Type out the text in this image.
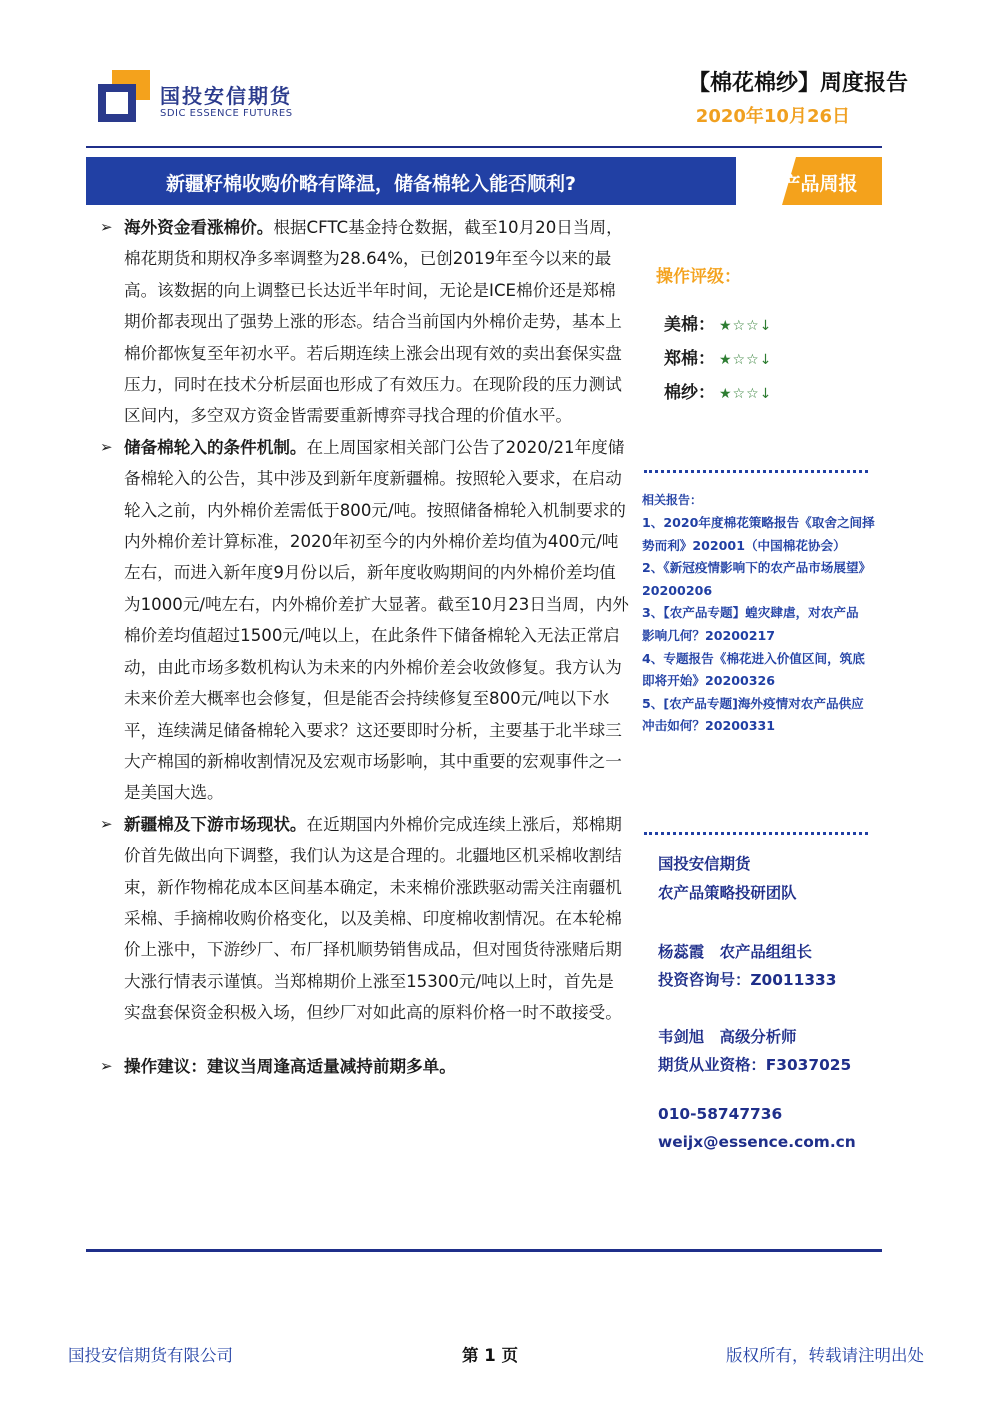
国投安信期货
SDIC ESSENCE FUTURES
【棉花棉纱】周度报告
2020年10月26日
新疆籽棉收购价略有降温，储备棉轮入能否顺利?	农产品周报

➢ 海外资金看涨棉价。根据CFTC基金持仓数据，截至10月20日当周，棉花期货和期权净多率调整为28.64%，已创2019年至今以来的最高。该数据的向上调整已长达近半年时间，无论是ICE棉价还是郑棉期价都表现出了强势上涨的形态。结合当前国内外棉价走势，基本上棉价都恢复至年初水平。若后期连续上涨会出现有效的卖出套保实盘压力，同时在技术分析层面也形成了有效压力。在现阶段的压力测试区间内，多空双方资金皆需要重新博弈寻找合理的价值水平。

➢ 储备棉轮入的条件机制。在上周国家相关部门公告了2020/21年度储备棉轮入的公告，其中涉及到新年度新疆棉。按照轮入要求，在启动轮入之前，内外棉价差需低于800元/吨。按照储备棉轮入机制要求的内外棉价差计算标准，2020年初至今的内外棉价差均值为400元/吨左右，而进入新年度9月份以后，新年度收购期间的内外棉价差均值为1000元/吨左右，内外棉价差扩大显著。截至10月23日当周，内外棉价差均值超过1500元/吨以上，在此条件下储备棉轮入无法正常启动，由此市场多数机构认为未来的内外棉价差会收敛修复。我方认为未来价差大概率也会修复，但是能否会持续修复至800元/吨以下水平，连续满足储备棉轮入要求？这还要即时分析，主要基于北半球三大产棉国的新棉收割情况及宏观市场影响，其中重要的宏观事件之一是美国大选。

➢ 新疆棉及下游市场现状。在近期国内外棉价完成连续上涨后，郑棉期价首先做出向下调整，我们认为这是合理的。北疆地区机采棉收割结束，新作物棉花成本区间基本确定，未来棉价涨跌驱动需关注南疆机采棉、手摘棉收购价格变化，以及美棉、印度棉收割情况。在本轮棉价上涨中，下游纱厂、布厂择机顺势销售成品，但对囤货待涨赌后期大涨行情表示谨慎。当郑棉期价上涨至15300元/吨以上时，首先是实盘套保资金积极入场，但纱厂对如此高的原料价格一时不敢接受。

➢ 操作建议：建议当周逢高适量减持前期多单。

操作评级：
美棉： ★☆☆↓
郑棉： ★☆☆↓
棉纱： ★☆☆↓
相关报告：
1、2020年度棉花策略报告《取舍之间择
势而利》202001（中国棉花协会）
2、《新冠疫情影响下的农产品市场展望》
20200206
3、【农产品专题】蝗灾肆虐，对农产品
影响几何？20200217
4、专题报告《棉花进入价值区间，筑底
即将开始》20200326
5、[农产品专题]海外疫情对农产品供应
冲击如何？20200331
国投安信期货
农产品策略投研团队
杨蕊霞　农产品组组长
投资咨询号：Z0011333
韦剑旭　高级分析师
期货从业资格：F3037025
010-58747736
weijx@essence.com.cn
国投安信期货有限公司	第 1 页	版权所有，转载请注明出处
